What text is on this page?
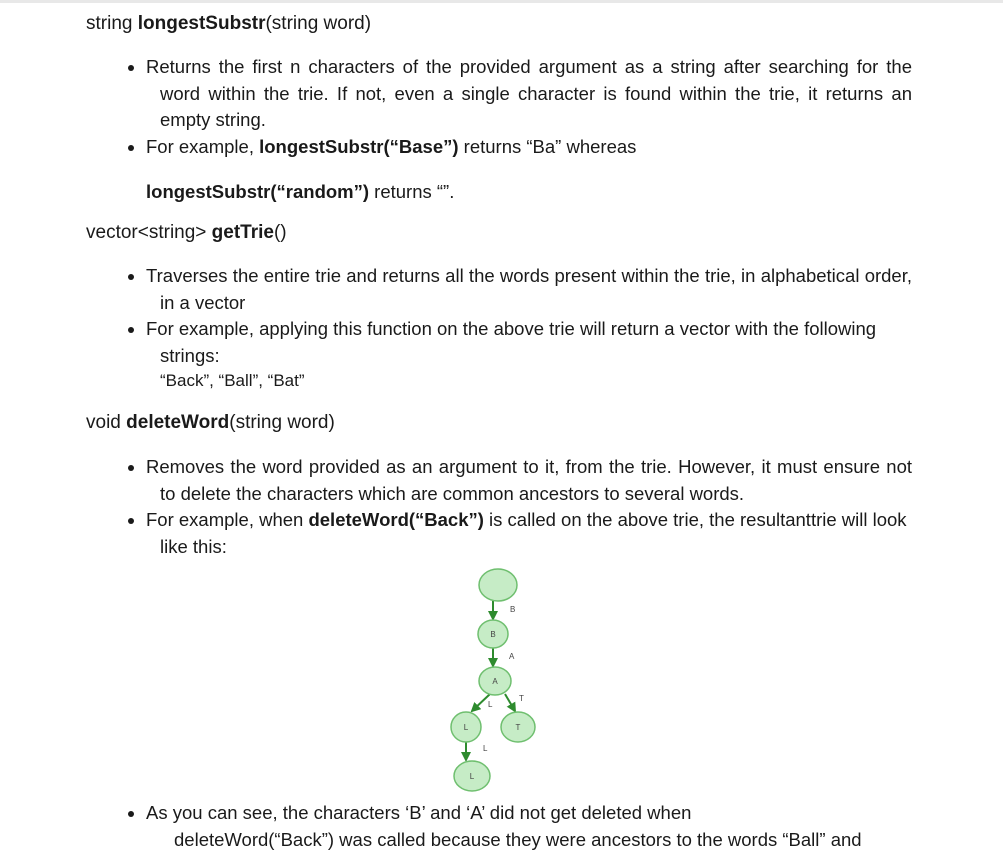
string longestSubstr(string word)
Returns the first n characters of the provided argument as a string after searching for the word within the trie. If not, even a single character is found within the trie, it returns an empty string.
For example, longestSubstr(“Base”) returns “Ba” whereas
longestSubstr(“random”) returns “”.
vector<string> getTrie()
Traverses the entire trie and returns all the words present within the trie, in alphabetical order, in a vector
For example, applying this function on the above trie will return a vector with the following strings:
“Back”, “Ball”, “Bat”
void deleteWord(string word)
Removes the word provided as an argument to it, from the trie. However, it must ensure not to delete the characters which are common ancestors to several words.
For example, when deleteWord(“Back”) is called on the above trie, the resultanttrie will look like this:
B
A
L
T
L
B
A
L	T
L
As you can see, the characters ‘B’ and ‘A’ did not get deleted when
deleteWord(“Back”) was called because they were ancestors to the words “Ball” and
